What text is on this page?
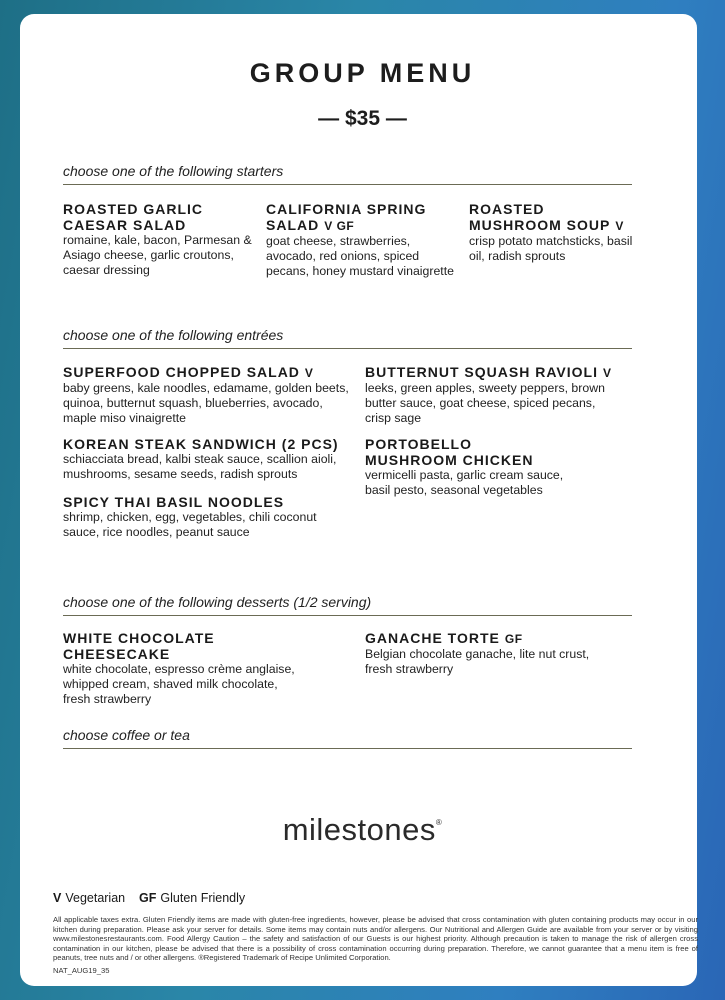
GROUP MENU
— $35 —
choose one of the following starters
ROASTED GARLIC CAESAR SALAD

romaine, kale, bacon, Parmesan & Asiago cheese, garlic croutons, caesar dressing

CALIFORNIA SPRING SALAD V GF

goat cheese, strawberries, avocado, red onions, spiced pecans, honey mustard vinaigrette

ROASTED MUSHROOM SOUP V

crisp potato matchsticks, basil oil, radish sprouts

choose one of the following entrées
SUPERFOOD CHOPPED SALAD V

baby greens, kale noodles, edamame, golden beets, quinoa, butternut squash, blueberries, avocado, maple miso vinaigrette

KOREAN STEAK SANDWICH (2 PCS)

schiacciata bread, kalbi steak sauce, scallion aioli, mushrooms, sesame seeds, radish sprouts

SPICY THAI BASIL NOODLES

shrimp, chicken, egg, vegetables, chili coconut sauce, rice noodles, peanut sauce

BUTTERNUT SQUASH RAVIOLI V

leeks, green apples, sweety peppers, brown butter sauce, goat cheese, spiced pecans, crisp sage

PORTOBELLO MUSHROOM CHICKEN

vermicelli pasta, garlic cream sauce, basil pesto, seasonal vegetables

choose one of the following desserts (1/2 serving)
WHITE CHOCOLATE CHEESECAKE

white chocolate, espresso crème anglaise, whipped cream, shaved milk chocolate, fresh strawberry

GANACHE TORTE GF

Belgian chocolate ganache, lite nut crust, fresh strawberry

choose coffee or tea
milestones®
V Vegetarian GF Gluten Friendly
All applicable taxes extra. Gluten Friendly items are made with gluten-free ingredients, however, please be advised that cross contamination with gluten containing products may occur in our kitchen during preparation. Please ask your server for details. Some items may contain nuts and/or allergens. Our Nutritional and Allergen Guide are available from your server or by visiting www.milestonesrestaurants.com. Food Allergy Caution – the safety and satisfaction of our Guests is our highest priority. Although precaution is taken to manage the risk of allergen cross contamination in our kitchen, please be advised that there is a possibility of cross contamination occurring during preparation. Therefore, we cannot guarantee that a menu item is free of peanuts, tree nuts and / or other allergens. ®Registered Trademark of Recipe Unlimited Corporation.
NAT_AUG19_35
